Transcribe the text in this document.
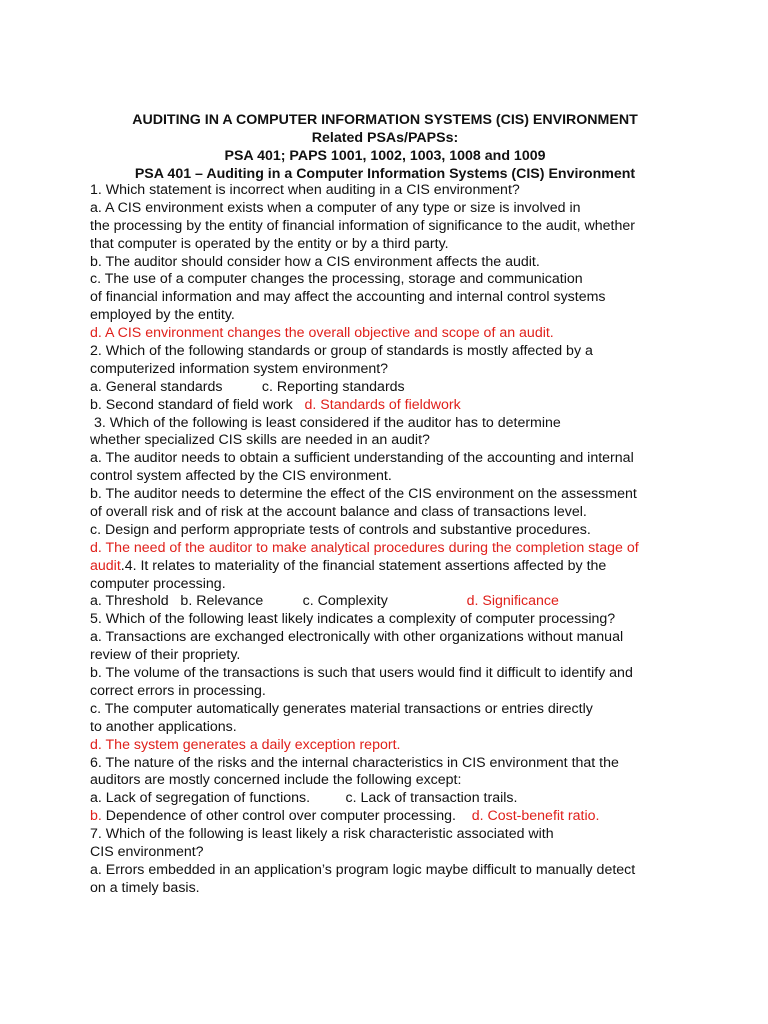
AUDITING IN A COMPUTER INFORMATION SYSTEMS (CIS) ENVIRONMENT
Related PSAs/PAPSs:
PSA 401; PAPS 1001, 1002, 1003, 1008 and 1009
PSA 401 – Auditing in a Computer Information Systems (CIS) Environment
1. Which statement is incorrect when auditing in a CIS environment?
a. A CIS environment exists when a computer of any type or size is involved in
the processing by the entity of financial information of significance to the audit, whether
that computer is operated by the entity or by a third party.
b. The auditor should consider how a CIS environment affects the audit.
c. The use of a computer changes the processing, storage and communication
of financial information and may affect the accounting and internal control systems
employed by the entity.
d. A CIS environment changes the overall objective and scope of an audit.
2. Which of the following standards or group of standards is mostly affected by a
computerized information system environment?
a. General standards          c. Reporting standards
b. Second standard of field work   d. Standards of fieldwork
3. Which of the following is least considered if the auditor has to determine
whether specialized CIS skills are needed in an audit?
a. The auditor needs to obtain a sufficient understanding of the accounting and internal
control system affected by the CIS environment.
b. The auditor needs to determine the effect of the CIS environment on the assessment
of overall risk and of risk at the account balance and class of transactions level.
c. Design and perform appropriate tests of controls and substantive procedures.
d. The need of the auditor to make analytical procedures during the completion stage of
audit.4. It relates to materiality of the financial statement assertions affected by the
computer processing.
a. Threshold   b. Relevance          c. Complexity                    d. Significance
5. Which of the following least likely indicates a complexity of computer processing?
a. Transactions are exchanged electronically with other organizations without manual
review of their propriety.
b. The volume of the transactions is such that users would find it difficult to identify and
correct errors in processing.
c. The computer automatically generates material transactions or entries directly
to another applications.
d. The system generates a daily exception report.
6. The nature of the risks and the internal characteristics in CIS environment that the
auditors are mostly concerned include the following except:
a. Lack of segregation of functions.         c. Lack of transaction trails.
b. Dependence of other control over computer processing.    d. Cost-benefit ratio.
7. Which of the following is least likely a risk characteristic associated with
CIS environment?
a. Errors embedded in an application’s program logic maybe difficult to manually detect
on a timely basis.
